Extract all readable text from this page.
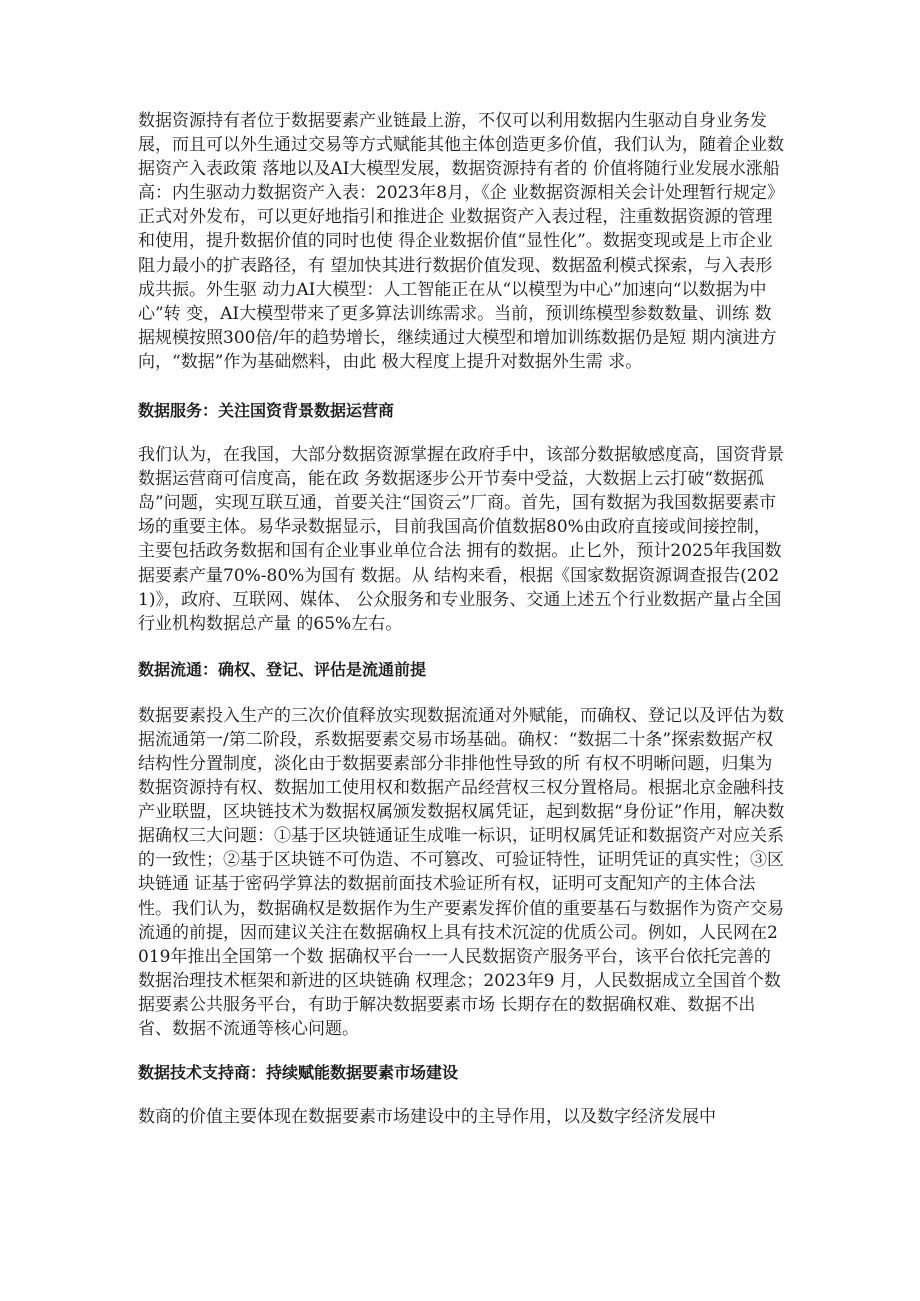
数据资源持有者位于数据要素产业链最上游，不仅可以利用数据内生驱动自身业务发展，而且可以外生通过交易等方式赋能其他主体创造更多价值，我们认为，随着企业数据资产入表政策 落地以及AI大模型发展，数据资源持有者的 价值将随行业发展水涨船高：内生驱动力数据资产入表：2023年8月，《企 业数据资源相关会计处理暂行规定》正式对外发布，可以更好地指引和推进企 业数据资产入表过程，注重数据资源的管理和使用，提升数据价值的同时也使 得企业数据价值“显性化”。数据变现或是上市企业阻力最小的扩表路径，有 望加快其进行数据价值发现、数据盈利模式探索，与入表形成共振。外生驱 动力AI大模型：人工智能正在从“以模型为中心”加速向“以数据为中心”转 变，AI大模型带来了更多算法训练需求。当前，预训练模型参数数量、训练 数据规模按照300倍/年的趋势增长，继续通过大模型和增加训练数据仍是短 期内演进方向，“数据”作为基础燃料，由此 极大程度上提升对数据外生需 求。

数据服务：关注国资背景数据运营商

我们认为，在我国，大部分数据资源掌握在政府手中，该部分数据敏感度高，国资背景数据运营商可信度高，能在政 务数据逐步公开节奏中受益，大数据上云打破“数据孤岛”问题，实现互联互通，首要关注“国资云”厂商。首先，国有数据为我国数据要素市场的重要主体。易华录数据显示，目前我国高价值数据80%由政府直接或间接控制，主要包括政务数据和国有企业事业单位合法 拥有的数据。止匕外，预计2025年我国数据要素产量70%-80%为国有 数据。从 结构来看，根据《国家数据资源调查报告(2021)》，政府、互联网、媒体、 公众服务和专业服务、交通上述五个行业数据产量占全国行业机构数据总产量 的65%左右。

数据流通：确权、登记、评估是流通前提

数据要素投入生产的三次价值释放实现数据流通对外赋能，而确权、登记以及评估为数据流通第一/第二阶段，系数据要素交易市场基础。确权：“数据二十条”探索数据产权结构性分置制度，淡化由于数据要素部分非排他性导致的所 有权不明晰问题，归集为数据资源持有权、数据加工使用权和数据产品经营权三权分置格局。根据北京金融科技产业联盟，区块链技术为数据权属颁发数据权属凭证，起到数据“身份证”作用，解决数据确权三大问题：①基于区块链通证生成唯一标识，证明权属凭证和数据资产对应关系的一致性；②基于区块链不可伪造、不可篡改、可验证特性，证明凭证的真实性；③区块链通 证基于密码学算法的数据前面技术验证所有权，证明可支配知产的主体合法性。我们认为，数据确权是数据作为生产要素发挥价值的重要基石与数据作为资产交易流通的前提，因而建议关注在数据确权上具有技术沉淀的优质公司。例如，人民网在2019年推出全国第一个数 据确权平台一一人民数据资产服务平台，该平台依托完善的数据治理技术框架和新进的区块链确 权理念；2023年9 月，人民数据成立全国首个数据要素公共服务平台，有助于解决数据要素市场 长期存在的数据确权难、数据不出省、数据不流通等核心问题。

数据技术支持商：持续赋能数据要素市场建设

数商的价值主要体现在数据要素市场建设中的主导作用，以及数字经济发展中
